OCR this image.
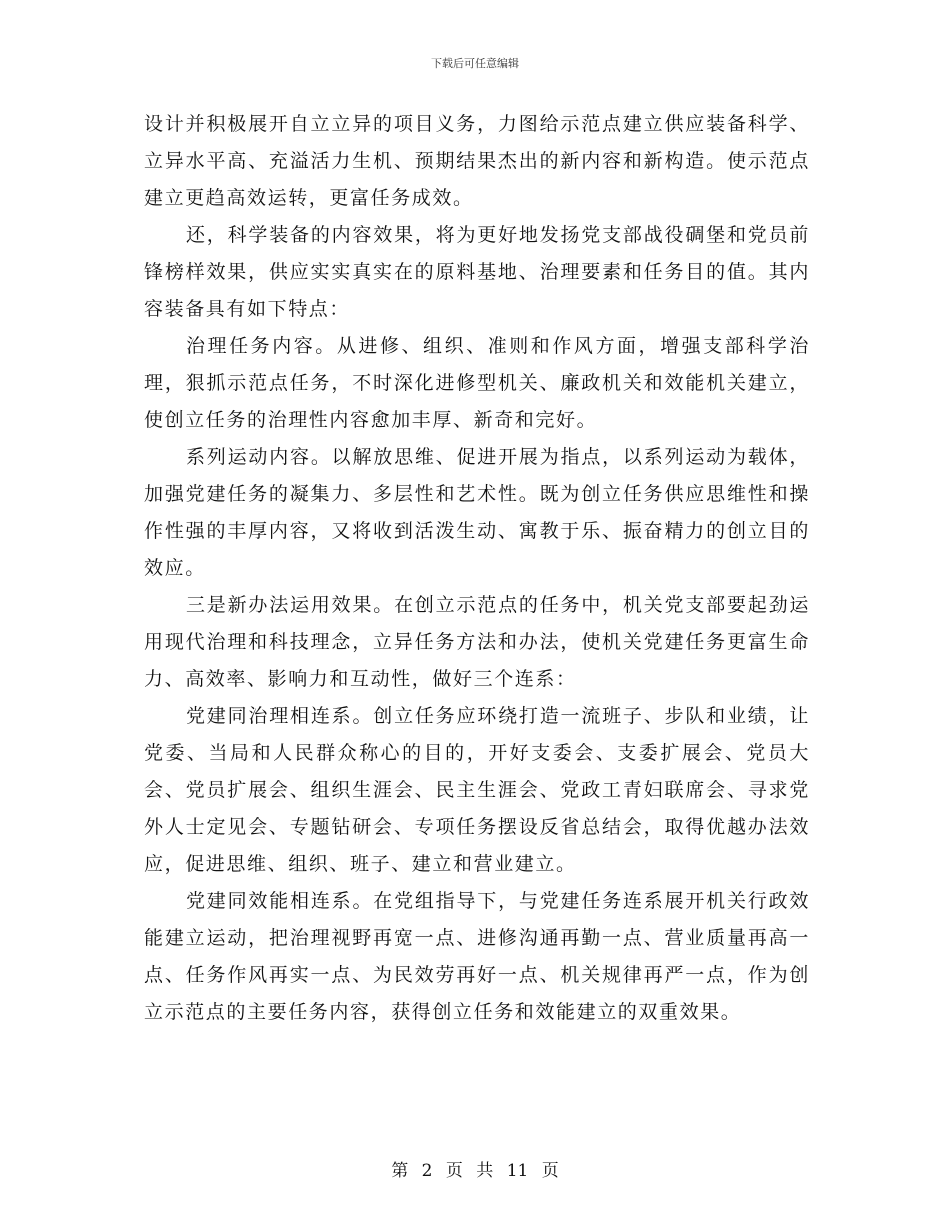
下载后可任意编辑

设计并积极展开自立立异的项目义务，力图给示范点建立供应装备科学、立异水平高、充溢活力生机、预期结果杰出的新内容和新构造。使示范点建立更趋高效运转，更富任务成效。

还，科学装备的内容效果，将为更好地发扬党支部战役碉堡和党员前锋榜样效果，供应实实真实在的原料基地、治理要素和任务目的值。其内容装备具有如下特点：

治理任务内容。从进修、组织、准则和作风方面，增强支部科学治理，狠抓示范点任务，不时深化进修型机关、廉政机关和效能机关建立，使创立任务的治理性内容愈加丰厚、新奇和完好。

系列运动内容。以解放思维、促进开展为指点，以系列运动为载体，加强党建任务的凝集力、多层性和艺术性。既为创立任务供应思维性和操作性强的丰厚内容，又将收到活泼生动、寓教于乐、振奋精力的创立目的效应。

三是新办法运用效果。在创立示范点的任务中，机关党支部要起劲运用现代治理和科技理念，立异任务方法和办法，使机关党建任务更富生命力、高效率、影响力和互动性，做好三个连系：

党建同治理相连系。创立任务应环绕打造一流班子、步队和业绩，让党委、当局和人民群众称心的目的，开好支委会、支委扩展会、党员大会、党员扩展会、组织生涯会、民主生涯会、党政工青妇联席会、寻求党外人士定见会、专题钻研会、专项任务摆设反省总结会，取得优越办法效应，促进思维、组织、班子、建立和营业建立。

党建同效能相连系。在党组指导下，与党建任务连系展开机关行政效能建立运动，把治理视野再宽一点、进修沟通再勤一点、营业质量再高一点、任务作风再实一点、为民效劳再好一点、机关规律再严一点，作为创立示范点的主要任务内容，获得创立任务和效能建立的双重效果。

第 2 页 共 11 页
